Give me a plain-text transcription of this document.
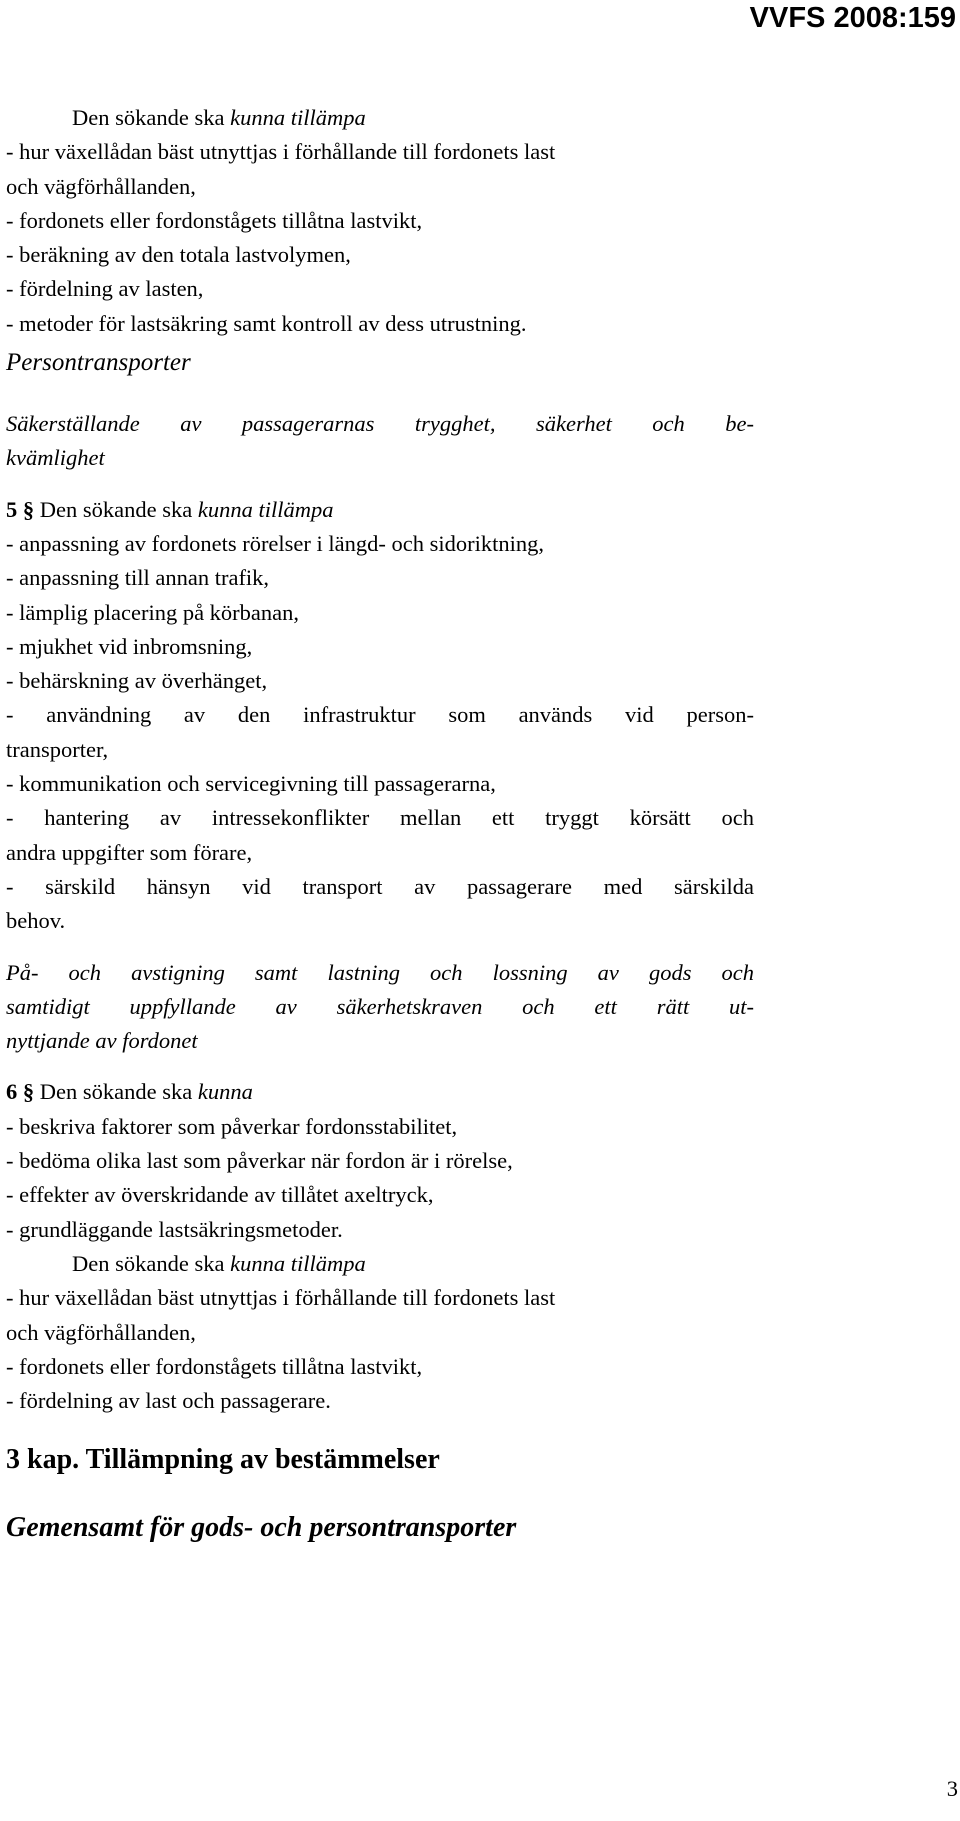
VVFS 2008:159

Den sökande ska kunna tillämpa

- hur växellådan bäst utnyttjas i förhållande till fordonets last

och vägförhållanden,

- fordonets eller fordonstågets tillåtna lastvikt,

- beräkning av den totala lastvolymen,

- fördelning av lasten,

- metoder för lastsäkring samt kontroll av dess utrustning.

Persontransporter

Säkerställande av passagerarnas trygghet, säkerhet och be-

kvämlighet

5 § Den sökande ska kunna tillämpa

- anpassning av fordonets rörelser i längd- och sidoriktning,

- anpassning till annan trafik,

- lämplig placering på körbanan,

- mjukhet vid inbromsning,

- behärskning av överhänget,

- användning av den infrastruktur som används vid person-

transporter,

- kommunikation och servicegivning till passagerarna,

- hantering av intressekonflikter mellan ett tryggt körsätt och

andra uppgifter som förare,

- särskild hänsyn vid transport av passagerare med särskilda

behov.

På- och avstigning samt lastning och lossning av gods och

samtidigt uppfyllande av säkerhetskraven och ett rätt ut-

nyttjande av fordonet

6 § Den sökande ska kunna

- beskriva faktorer som påverkar fordonsstabilitet,

- bedöma olika last som påverkar när fordon är i rörelse,

- effekter av överskridande av tillåtet axeltryck,

- grundläggande lastsäkringsmetoder.

Den sökande ska kunna tillämpa

- hur växellådan bäst utnyttjas i förhållande till fordonets last

och vägförhållanden,

- fordonets eller fordonstågets tillåtna lastvikt,

- fördelning av last och passagerare.

3 kap. Tillämpning av bestämmelser

Gemensamt för gods- och persontransporter

3
